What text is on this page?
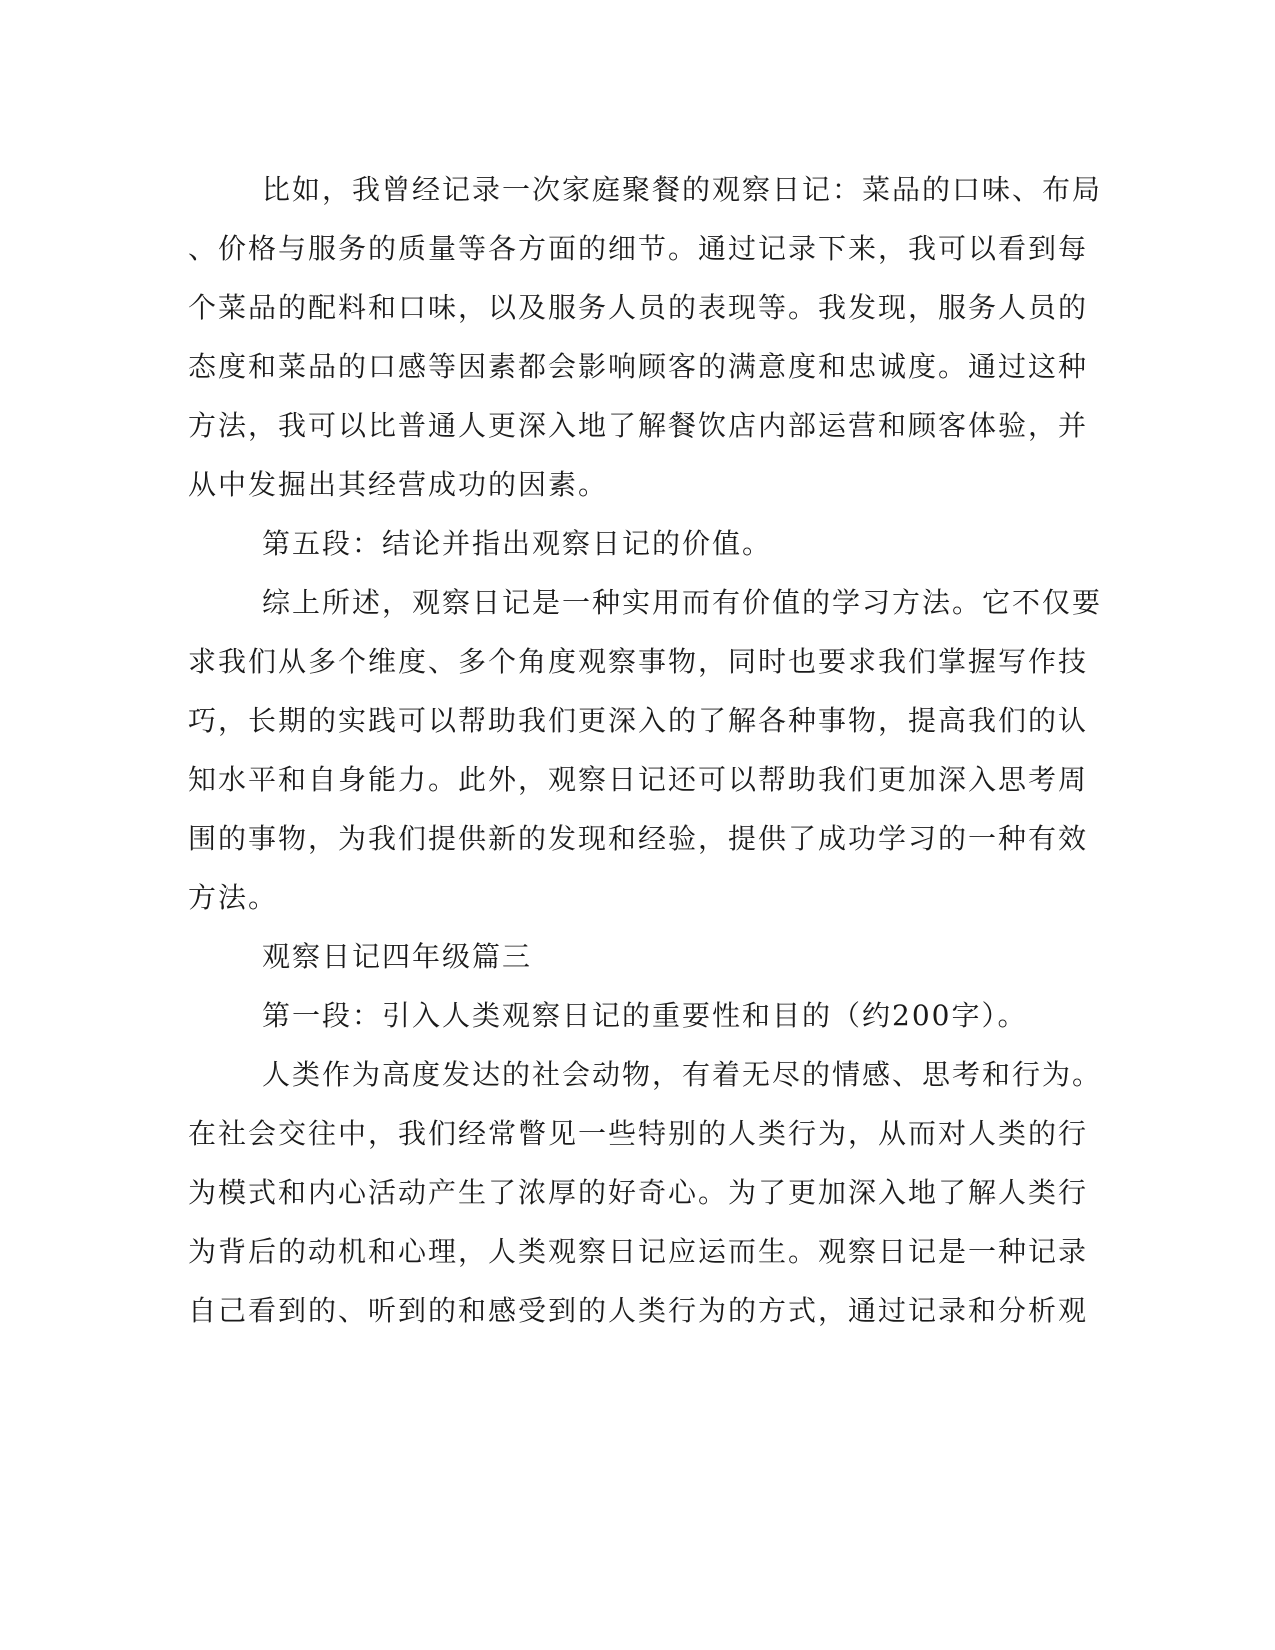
比如，我曾经记录一次家庭聚餐的观察日记：菜品的口味、布局
、价格与服务的质量等各方面的细节。通过记录下来，我可以看到每
个菜品的配料和口味，以及服务人员的表现等。我发现，服务人员的
态度和菜品的口感等因素都会影响顾客的满意度和忠诚度。通过这种
方法，我可以比普通人更深入地了解餐饮店内部运营和顾客体验，并
从中发掘出其经营成功的因素。
第五段：结论并指出观察日记的价值。
综上所述，观察日记是一种实用而有价值的学习方法。它不仅要
求我们从多个维度、多个角度观察事物，同时也要求我们掌握写作技
巧，长期的实践可以帮助我们更深入的了解各种事物，提高我们的认
知水平和自身能力。此外，观察日记还可以帮助我们更加深入思考周
围的事物，为我们提供新的发现和经验，提供了成功学习的一种有效
方法。
观察日记四年级篇三
第一段：引入人类观察日记的重要性和目的（约200字）。
人类作为高度发达的社会动物，有着无尽的情感、思考和行为。
在社会交往中，我们经常瞥见一些特别的人类行为，从而对人类的行
为模式和内心活动产生了浓厚的好奇心。为了更加深入地了解人类行
为背后的动机和心理，人类观察日记应运而生。观察日记是一种记录
自己看到的、听到的和感受到的人类行为的方式，通过记录和分析观
